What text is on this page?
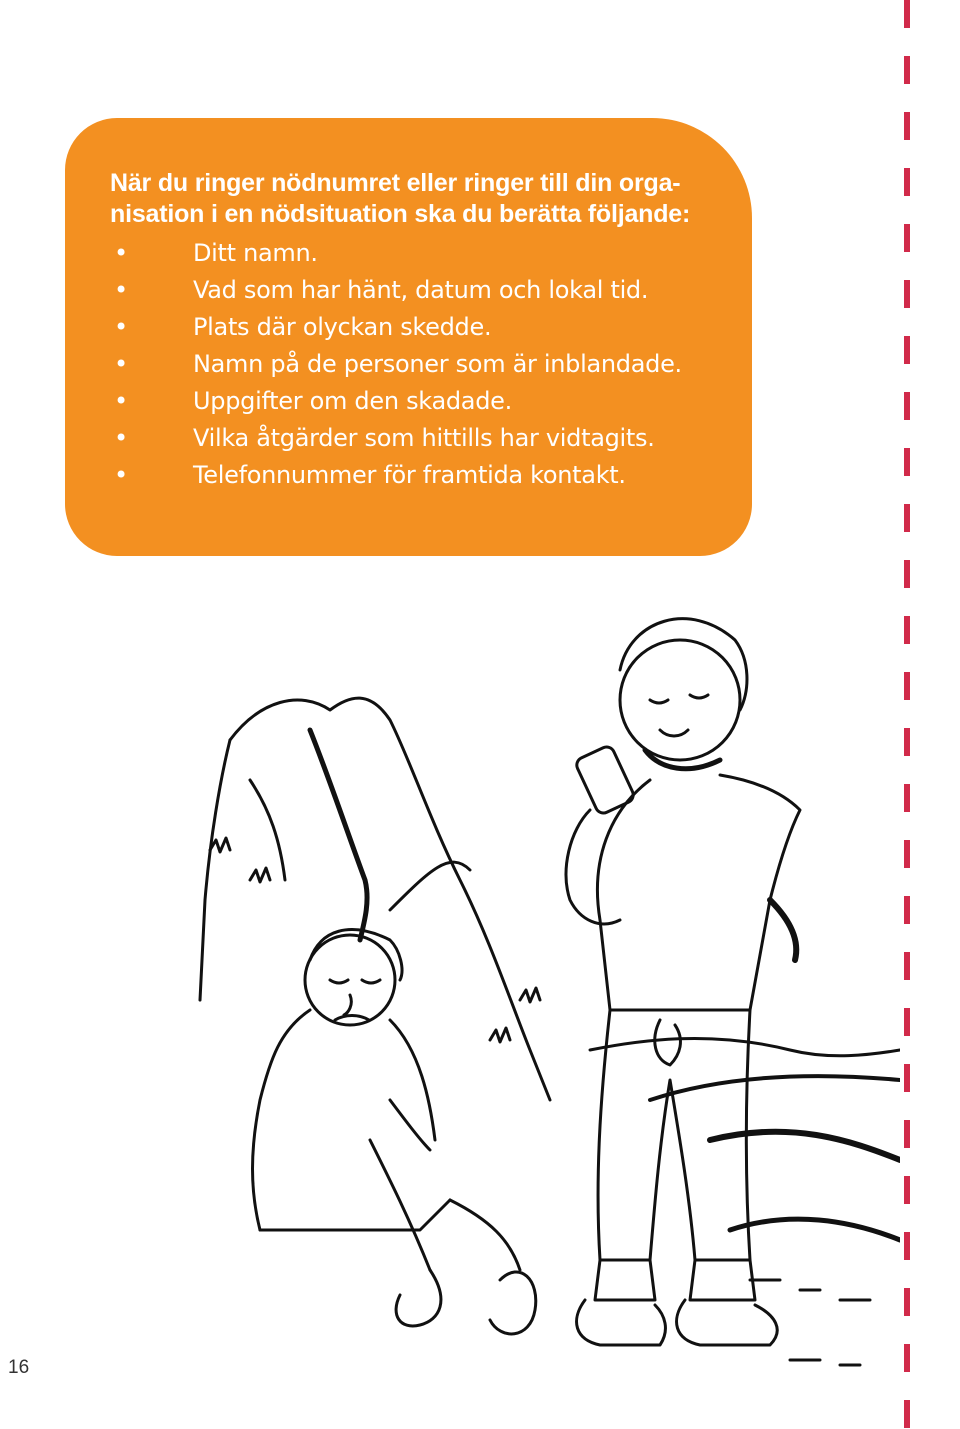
När du ringer nödnumret eller ringer till din orga-
nisation i en nödsituation ska du berätta följande:

•	Ditt namn.
•	Vad som har hänt, datum och lokal tid.
•	Plats där olyckan skedde.
•	Namn på de personer som är inblandade.
•	Uppgifter om den skadade.
•	Vilka åtgärder som hittills har vidtagits.
•	Telefonnummer för framtida kontakt.
16
